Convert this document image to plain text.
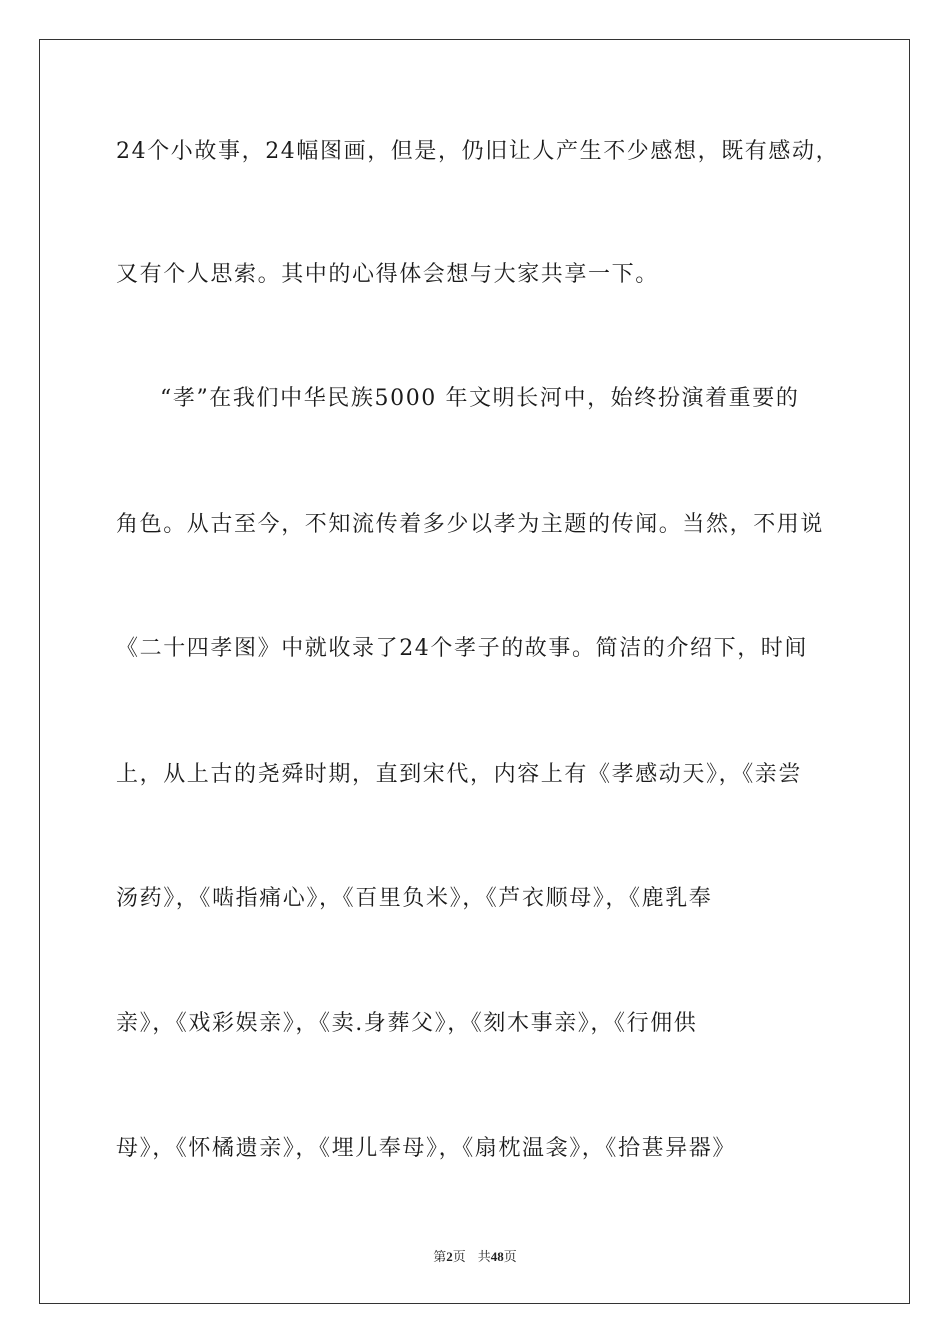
24个小故事，24幅图画，但是，仍旧让人产生不少感想，既有感动，
又有个人思索。其中的心得体会想与大家共享一下。
“孝”在我们中华民族5000 年文明长河中，始终扮演着重要的
角色。从古至今，不知流传着多少以孝为主题的传闻。当然，不用说
《二十四孝图》中就收录了24个孝子的故事。简洁的介绍下，时间
上，从上古的尧舜时期，直到宋代，内容上有《孝感动天》，《亲尝
汤药》，《啮指痛心》，《百里负米》，《芦衣顺母》，《鹿乳奉
亲》，《戏彩娱亲》，《卖.身葬父》，《刻木事亲》，《行佣供
母》，《怀橘遗亲》，《埋儿奉母》，《扇枕温衾》，《拾葚异器》
第2页 共48页
